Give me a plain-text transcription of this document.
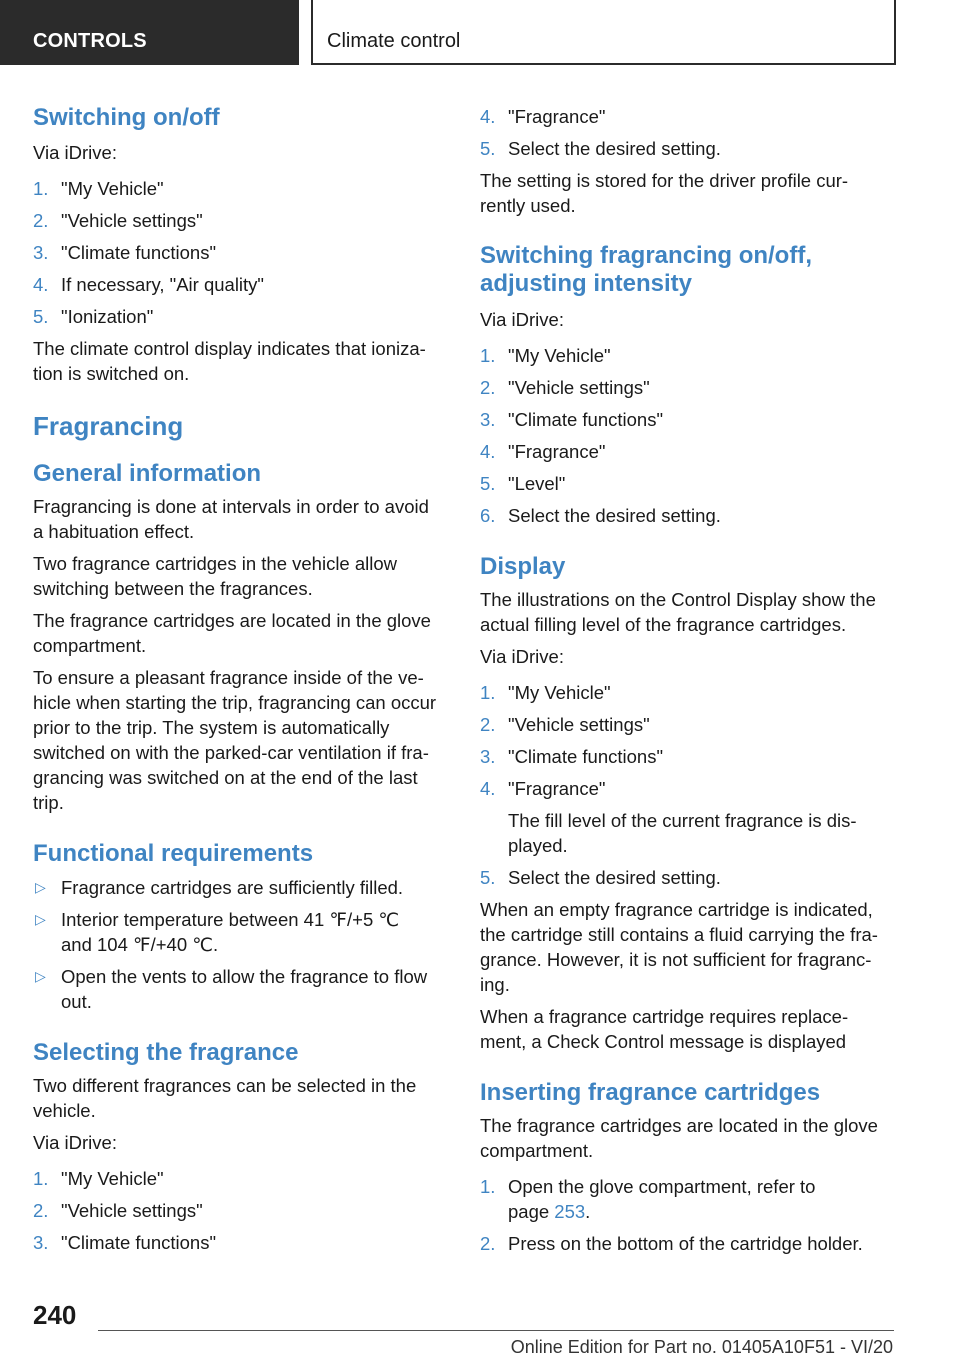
CONTROLS	Climate control
Switching on/off

Via iDrive:

1. "My Vehicle"
2. "Vehicle settings"
3. "Climate functions"
4. If necessary, "Air quality"
5. "Ionization"

The climate control display indicates that ioniza-
tion is switched on.

Fragrancing
General information

Fragrancing is done at intervals in order to avoid
a habituation effect.

Two fragrance cartridges in the vehicle allow
switching between the fragrances.

The fragrance cartridges are located in the glove
compartment.

To ensure a pleasant fragrance inside of the ve-
hicle when starting the trip, fragrancing can occur
prior to the trip. The system is automatically
switched on with the parked-car ventilation if fra-
grancing was switched on at the end of the last
trip.

Functional requirements
▷ Fragrance cartridges are sufficiently filled.
▷ Interior temperature between 41 ℉/+5 ℃
and 104 ℉/+40 ℃.
▷ Open the vents to allow the fragrance to flow
out.
Selecting the fragrance

Two different fragrances can be selected in the
vehicle.

Via iDrive:

1. "My Vehicle"
2. "Vehicle settings"
3. "Climate functions"
4. "Fragrance"
5. Select the desired setting.

The setting is stored for the driver profile cur-
rently used.

Switching fragrancing on/off,
adjusting intensity

Via iDrive:

1. "My Vehicle"
2. "Vehicle settings"
3. "Climate functions"
4. "Fragrance"
5. "Level"
6. Select the desired setting.
Display

The illustrations on the Control Display show the
actual filling level of the fragrance cartridges.

Via iDrive:

1. "My Vehicle"
2. "Vehicle settings"
3. "Climate functions"
4. "Fragrance"
The fill level of the current fragrance is dis-
played.
5. Select the desired setting.

When an empty fragrance cartridge is indicated,
the cartridge still contains a fluid carrying the fra-
grance. However, it is not sufficient for fragranc-
ing.

When a fragrance cartridge requires replace-
ment, a Check Control message is displayed

Inserting fragrance cartridges

The fragrance cartridges are located in the glove
compartment.

1. Open the glove compartment, refer to
page 253.
2. Press on the bottom of the cartridge holder.
240
Online Edition for Part no. 01405A10F51 - VI/20
